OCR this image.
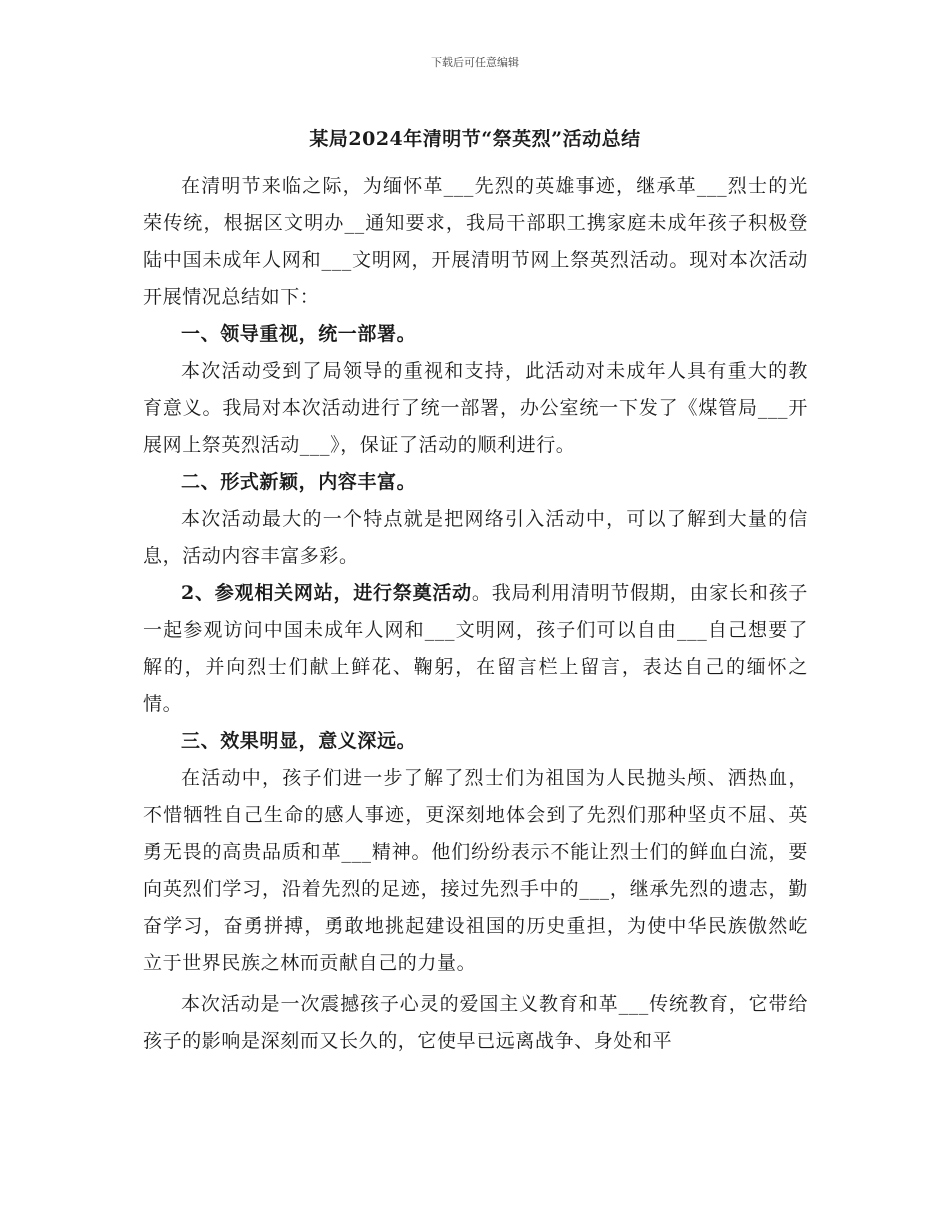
下载后可任意编辑
某局2024年清明节“祭英烈”活动总结

在清明节来临之际，为缅怀革___先烈的英雄事迹，继承革___烈士的光荣传统，根据区文明办__通知要求，我局干部职工携家庭未成年孩子积极登陆中国未成年人网和___文明网，开展清明节网上祭英烈活动。现对本次活动开展情况总结如下：

一、领导重视，统一部署。

本次活动受到了局领导的重视和支持，此活动对未成年人具有重大的教育意义。我局对本次活动进行了统一部署，办公室统一下发了《煤管局___开展网上祭英烈活动___》，保证了活动的顺利进行。

二、形式新颖，内容丰富。

本次活动最大的一个特点就是把网络引入活动中，可以了解到大量的信息，活动内容丰富多彩。

2、参观相关网站，进行祭奠活动。我局利用清明节假期，由家长和孩子一起参观访问中国未成年人网和___文明网，孩子们可以自由___自己想要了解的，并向烈士们献上鲜花、鞠躬，在留言栏上留言，表达自己的缅怀之情。

三、效果明显，意义深远。

在活动中，孩子们进一步了解了烈士们为祖国为人民抛头颅、洒热血，不惜牺牲自己生命的感人事迹，更深刻地体会到了先烈们那种坚贞不屈、英勇无畏的高贵品质和革___精神。他们纷纷表示不能让烈士们的鲜血白流，要向英烈们学习，沿着先烈的足迹，接过先烈手中的___，继承先烈的遗志，勤奋学习，奋勇拼搏，勇敢地挑起建设祖国的历史重担，为使中华民族傲然屹立于世界民族之林而贡献自己的力量。

本次活动是一次震撼孩子心灵的爱国主义教育和革___传统教育，它带给孩子的影响是深刻而又长久的，它使早已远离战争、身处和平
